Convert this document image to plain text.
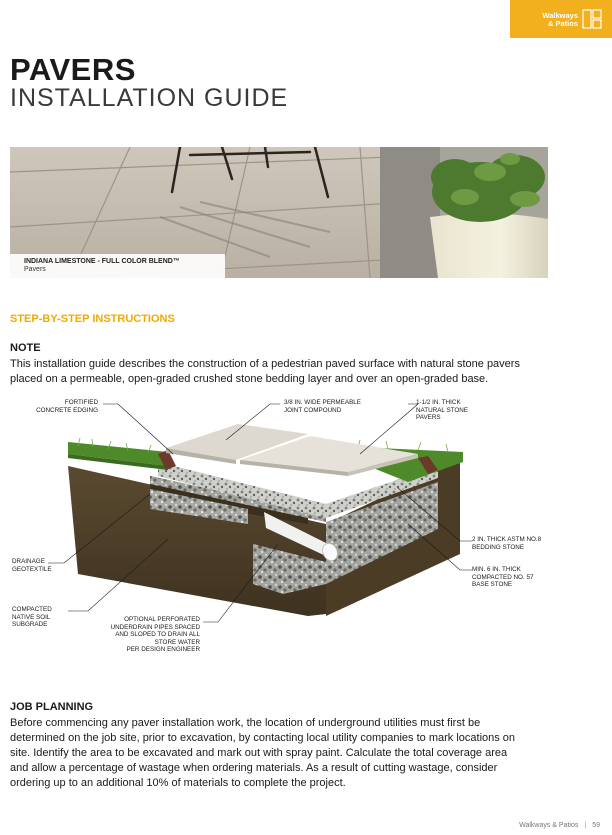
Walkways
& Patios
PAVERS
INSTALLATION GUIDE
INDIANA LIMESTONE - FULL COLOR BLEND™
Pavers
STEP-BY-STEP INSTRUCTIONS
NOTE
This installation guide describes the construction of a pedestrian paved surface with natural stone pavers
placed on a permeable, open-graded crushed stone bedding layer and over an open-graded base.
FORTIFIED
CONCRETE EDGING
3/8 IN. WIDE PERMEABLE
JOINT COMPOUND
1-1/2 IN. THICK
NATURAL STONE
PAVERS
DRAINAGE
GEOTEXTILE
2 IN. THICK ASTM NO.8
BEDDING STONE
MIN. 6 IN. THICK
COMPACTED NO. 57
BASE STONE
COMPACTED
NATIVE SOIL
SUBGRADE
OPTIONAL PERFORATED
UNDERDRAIN PIPES SPACED
AND SLOPED TO DRAIN ALL
STORE WATER
PER DESIGN ENGINEER
JOB PLANNING
Before commencing any paver installation work, the location of underground utilities must first be
determined on the job site, prior to excavation, by contacting local utility companies to mark locations on
site. Identify the area to be excavated and mark out with spray paint. Calculate the total coverage area
and allow a percentage of wastage when ordering materials. As a result of cutting wastage, consider
ordering up to an additional 10% of materials to complete the project.
Walkways & Patios | 59
